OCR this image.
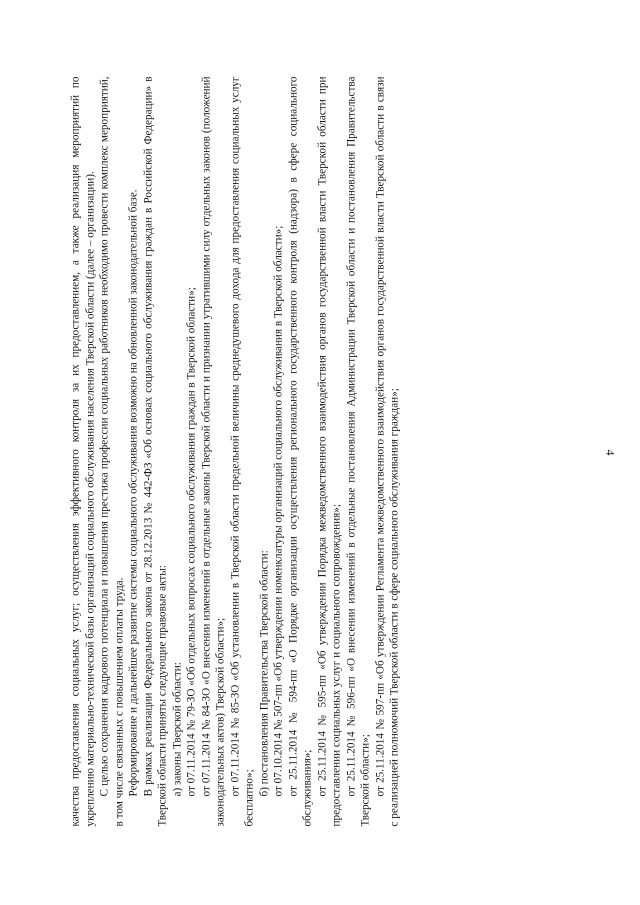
4

качества предоставления социальных услуг; осуществления эффективного контроля за их предоставлением, а также реализация мероприятий по укреплению материально-технической базы организаций социального обслуживания населения Тверской области (далее – организации). С целью сохранения кадрового потенциала и повышения престижа профессии социальных работников необходимо провести комплекс мероприятий, в том числе связанных с повышением оплаты труда. Реформирование и дальнейшее развитие системы социального обслуживания возможно на обновленной законодательной базе. В рамках реализации Федерального закона от 28.12.2013 № 442-ФЗ «Об основах социального обслуживания граждан в Российской Федерации» в Тверской области приняты следующие правовые акты: а) законы Тверской области: от 07.11.2014 № 79-ЗО «Об отдельных вопросах социального обслуживания граждан в Тверской области»; от 07.11.2014 № 84-ЗО «О внесении изменений в отдельные законы Тверской области и признании утратившими силу отдельных законов (положений законодательных актов) Тверской области»; от 07.11.2014 № 85-ЗО «Об установлении в Тверской области предельной величины среднедушевого дохода для предоставления социальных услуг бесплатно»;

б) постановления Правительства Тверской области: от 07.10.2014 № 507-пп «Об утверждении номенклатуры организаций социального обслуживания в Тверской области»; от 25.11.2014 № 594-пп «О Порядке организации осуществления регионального государственного контроля (надзора) в сфере социального обслуживания»; от 25.11.2014 № 595-пп «Об утверждении Порядка межведомственного взаимодействия органов государственной власти Тверской области при предоставлении социальных услуг и социального сопровождения»; от 25.11.2014 № 596-пп «О внесении изменений в отдельные постановления Администрации Тверской области и постановления Правительства Тверской области»; от 25.11.2014 № 597-пп «Об утверждении Регламента межведомственного взаимодействия органов государственной власти Тверской области в связи с реализацией полномочий Тверской области в сфере социального обслуживания граждан»;
